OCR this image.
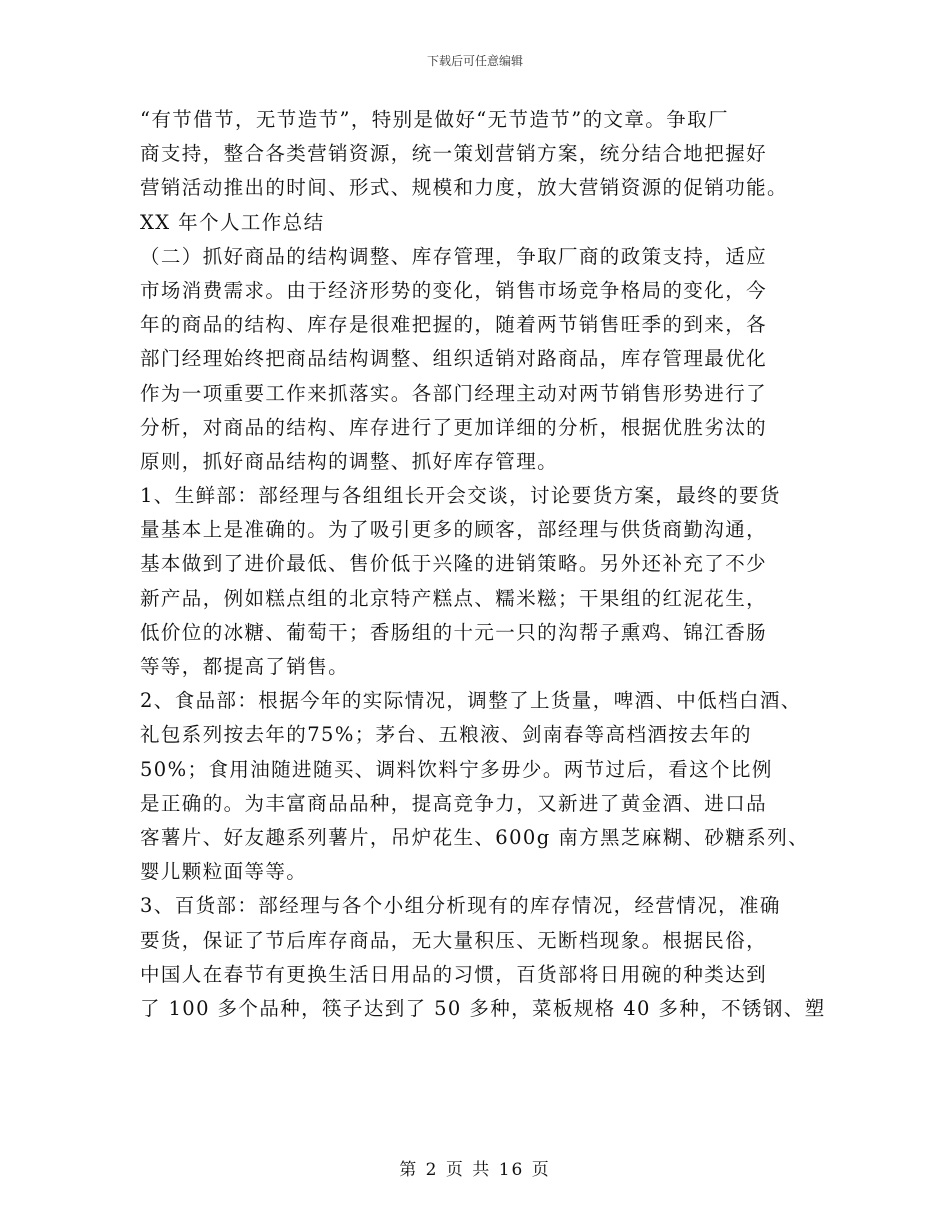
下载后可任意编辑
“有节借节，无节造节”，特别是做好“无节造节”的文章。争取厂
商支持，整合各类营销资源，统一策划营销方案，统分结合地把握好
营销活动推出的时间、形式、规模和力度，放大营销资源的促销功能。
XX 年个人工作总结
（二）抓好商品的结构调整、库存管理，争取厂商的政策支持，适应
市场消费需求。由于经济形势的变化，销售市场竞争格局的变化，今
年的商品的结构、库存是很难把握的，随着两节销售旺季的到来，各
部门经理始终把商品结构调整、组织适销对路商品，库存管理最优化
作为一项重要工作来抓落实。各部门经理主动对两节销售形势进行了
分析，对商品的结构、库存进行了更加详细的分析，根据优胜劣汰的
原则，抓好商品结构的调整、抓好库存管理。
1、生鲜部：部经理与各组组长开会交谈，讨论要货方案，最终的要货
量基本上是准确的。为了吸引更多的顾客，部经理与供货商勤沟通，
基本做到了进价最低、售价低于兴隆的进销策略。另外还补充了不少
新产品，例如糕点组的北京特产糕点、糯米糍；干果组的红泥花生，
低价位的冰糖、葡萄干；香肠组的十元一只的沟帮子熏鸡、锦江香肠
等等，都提高了销售。
2、食品部：根据今年的实际情况，调整了上货量，啤酒、中低档白酒、
礼包系列按去年的75%；茅台、五粮液、剑南春等高档酒按去年的
50%；食用油随进随买、调料饮料宁多毋少。两节过后，看这个比例
是正确的。为丰富商品品种，提高竞争力，又新进了黄金酒、进口品
客薯片、好友趣系列薯片，吊炉花生、600g 南方黑芝麻糊、砂糖系列、
婴儿颗粒面等等。
3、百货部：部经理与各个小组分析现有的库存情况，经营情况，准确
要货，保证了节后库存商品，无大量积压、无断档现象。根据民俗，
中国人在春节有更换生活日用品的习惯，百货部将日用碗的种类达到
了 100 多个品种，筷子达到了 50 多种，菜板规格 40 多种，不锈钢、塑
第 2 页 共 16 页
